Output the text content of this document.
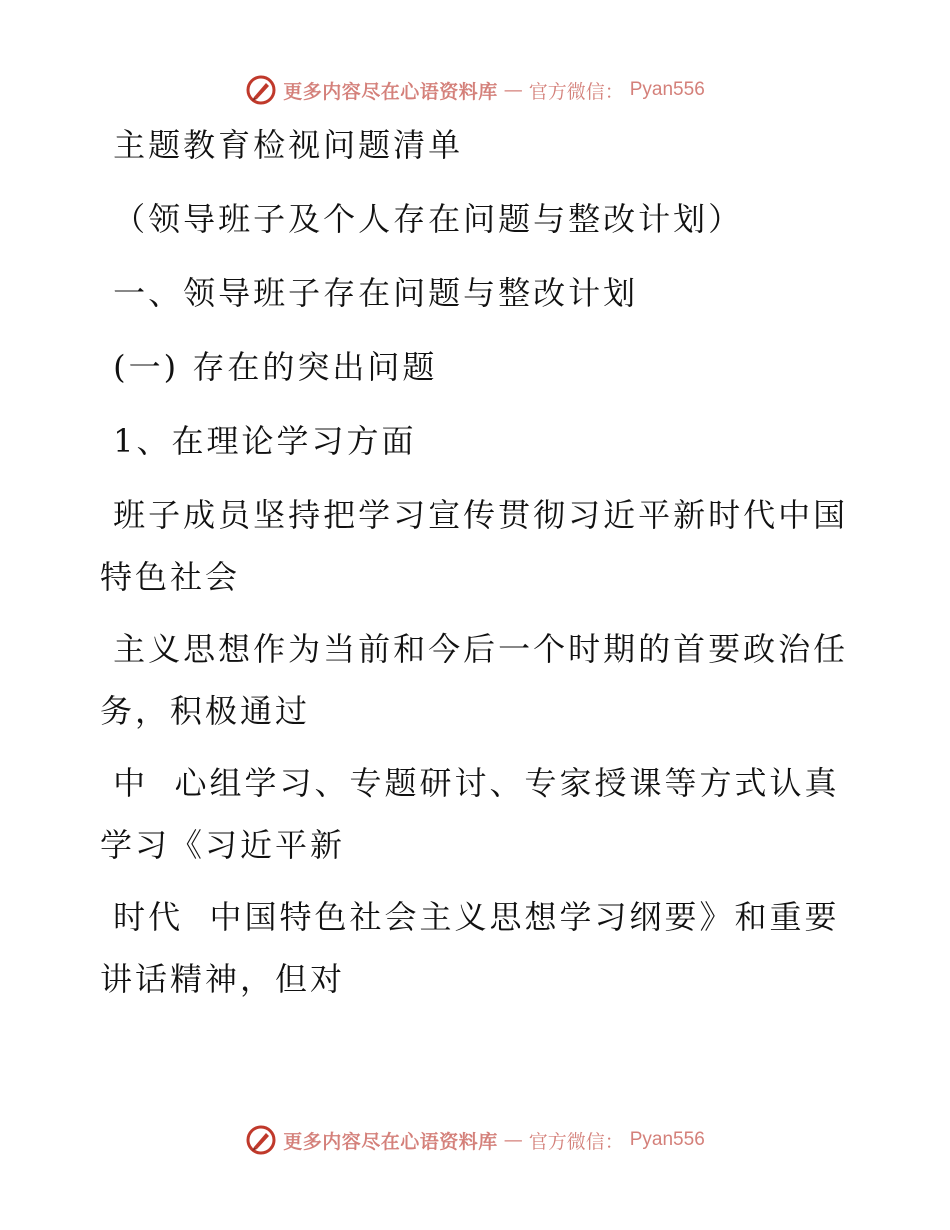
更多内容尽在心语资料库 — 官方微信： Pyan556

主题教育检视问题清单

（领导班子及个人存在问题与整改计划）

一、领导班子存在问题与整改计划

(一) 存在的突出问题

1、在理论学习方面

班子成员坚持把学习宣传贯彻习近平新时代中国特色社会

主义思想作为当前和今后一个时期的首要政治任务，积极通过

中  心组学习、专题研讨、专家授课等方式认真学习《习近平新

时代  中国特色社会主义思想学习纲要》和重要讲话精神，但对

更多内容尽在心语资料库 — 官方微信： Pyan556
